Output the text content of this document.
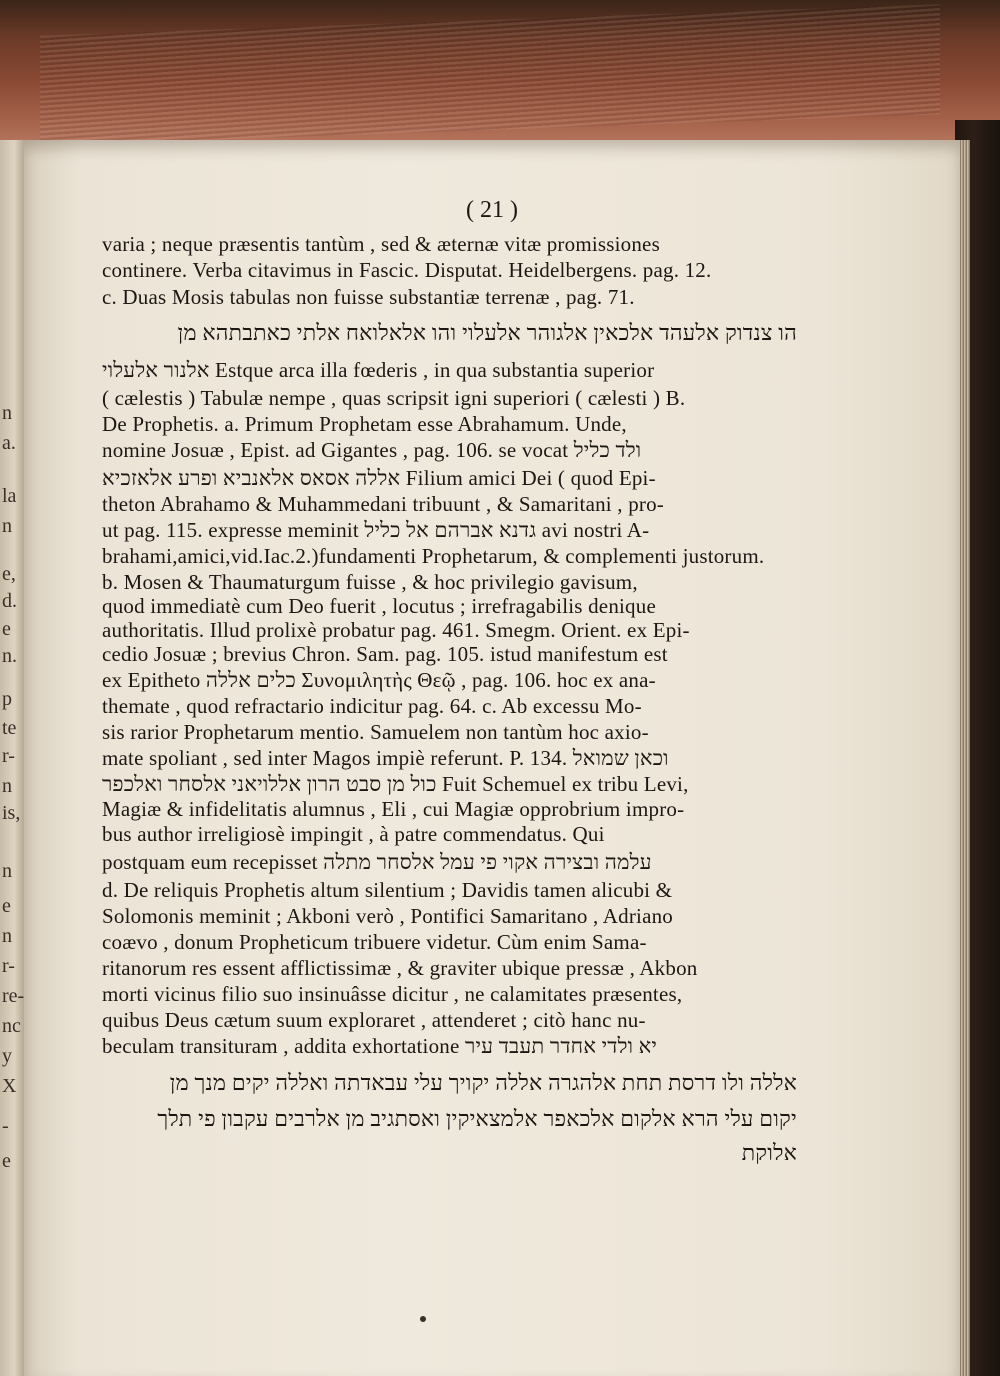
n
a.
la
n
e,
d.
e
n.
p
te
r-
n
is,
n
e
n
r-
re-
nc
y
X
-
e
( 21 )
varia ; neque præsentis tantùm , sed & æternæ vitæ promissiones
continere. Verba citavimus in Fascic. Disputat. Heidelbergens. pag. 12.
c. Duas Mosis tabulas non fuisse substantiæ terrenæ , pag. 71.
הו צנדוק אלעהד אלכאין אלגוהר אלעלוי והו אלאלואח אלתי כאתבתהא מן
אלנור אלעלוי Estque arca illa fœderis , in qua substantia superior
( cælestis ) Tabulæ nempe , quas scripsit igni superiori ( cælesti ) B.
De Prophetis. a. Primum Prophetam esse Abrahamum. Unde,
nomine Josuæ , Epist. ad Gigantes , pag. 106. se vocat ולד כליל
אללה אסאס אלאנביא ופרע אלאזכיא Filium amici Dei ( quod Epi-
theton Abrahamo & Muhammedani tribuunt , & Samaritani , pro-
ut pag. 115. expresse meminit גדנא אברהם אל כליל avi nostri A-
brahami,amici,vid.Iac.2.)fundamenti Prophetarum, & complementi justorum.
b. Mosen & Thaumaturgum fuisse , & hoc privilegio gavisum,
quod immediatè cum Deo fuerit , locutus ; irrefragabilis denique
authoritatis. Illud prolixè probatur pag. 461. Smegm. Orient. ex Epi-
cedio Josuæ ; brevius Chron. Sam. pag. 105. istud manifestum est
ex Epitheto כלים אללה Συνομιλητὴς Θεῷ , pag. 106. hoc ex ana-
themate , quod refractario indicitur pag. 64. c. Ab excessu Mo-
sis rarior Prophetarum mentio. Samuelem non tantùm hoc axio-
mate spoliant , sed inter Magos impiè referunt. P. 134. וכאן שמואל
כול מן סבט הרון אללויאני אלסחר ואלכפר Fuit Schemuel ex tribu Levi,
Magiæ & infidelitatis alumnus , Eli , cui Magiæ opprobrium impro-
bus author irreligiosè impingit , à patre commendatus. Qui
postquam eum recepisset עלמה ובצירה אקוי פי עמל אלסחר מתלה
d. De reliquis Prophetis altum silentium ; Davidis tamen alicubi &
Solomonis meminit ; Akboni verò , Pontifici Samaritano , Adriano
coævo , donum Propheticum tribuere videtur. Cùm enim Sama-
ritanorum res essent afflictissimæ , & graviter ubique pressæ , Akbon
morti vicinus filio suo insinuâsse dicitur , ne calamitates præsentes,
quibus Deus cætum suum exploraret , attenderet ; citò hanc nu-
beculam transituram , addita exhortatione יא ולדי אחדר תעבד עיר
אללה ולו דרסת תחת אלהגרה אללה יקויך עלי עבאדתה ואללה יקים מנך מן
יקום עלי הרא אלקום אלכאפר אלמצאיקין ואסתגיב מן אלרבים עקבון פי תלך
אלוקת
